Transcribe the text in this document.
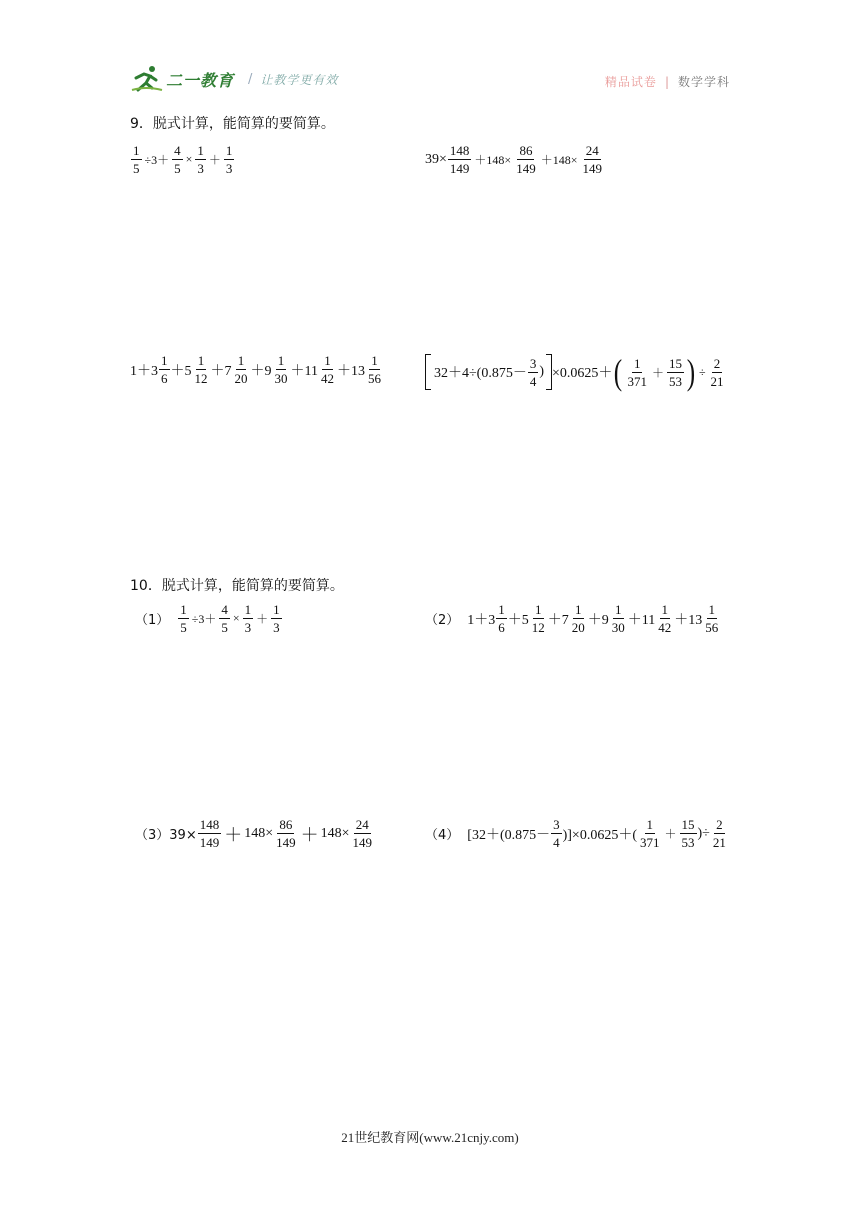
二一教育 / 让教学更有效	精品试卷 | 数学学科
9．脱式计算，能简算的要简算。
$\frac{1}{5} \div 3+ \frac{4}{5} \times \frac{1}{3} + \frac{1}{3}$	$39\times \frac{148}{149} +148\times \frac{86}{149} +148\times \frac{24}{149}$
$1+3 \frac{1}{6} +5 \frac{1}{12} +7 \frac{1}{20} +9 \frac{1}{30} +11 \frac{1}{42} +13 \frac{1}{56}$	$32+4\div(0.875- \frac{3}{4}$ ) ×0.0625＋ ( $\frac{1}{371} + \frac{15}{53}$ ) ÷ $\frac{2}{21}$
10．脱式计算，能简算的要简算。
$(1) \frac{1}{5} \div 3+ \frac{4}{5} \times \frac{1}{3} + \frac{1}{3}$	（2） $1+3 \frac{1}{6} +5 \frac{1}{12} +7 \frac{1}{20} +9 \frac{1}{30} +11 \frac{1}{42} +13 \frac{1}{56}$
$(3)39\times \frac{148}{149} + 148\times \frac{86}{149} + 148\times \frac{24}{149}$	（4） $[32+(0.875- \frac{3}{4} )]\times 0.0625+( \frac{1}{371} + \frac{15}{53}$ )÷ $\frac{2}{21}$
21世纪教育网(www.21cnjy.com)
